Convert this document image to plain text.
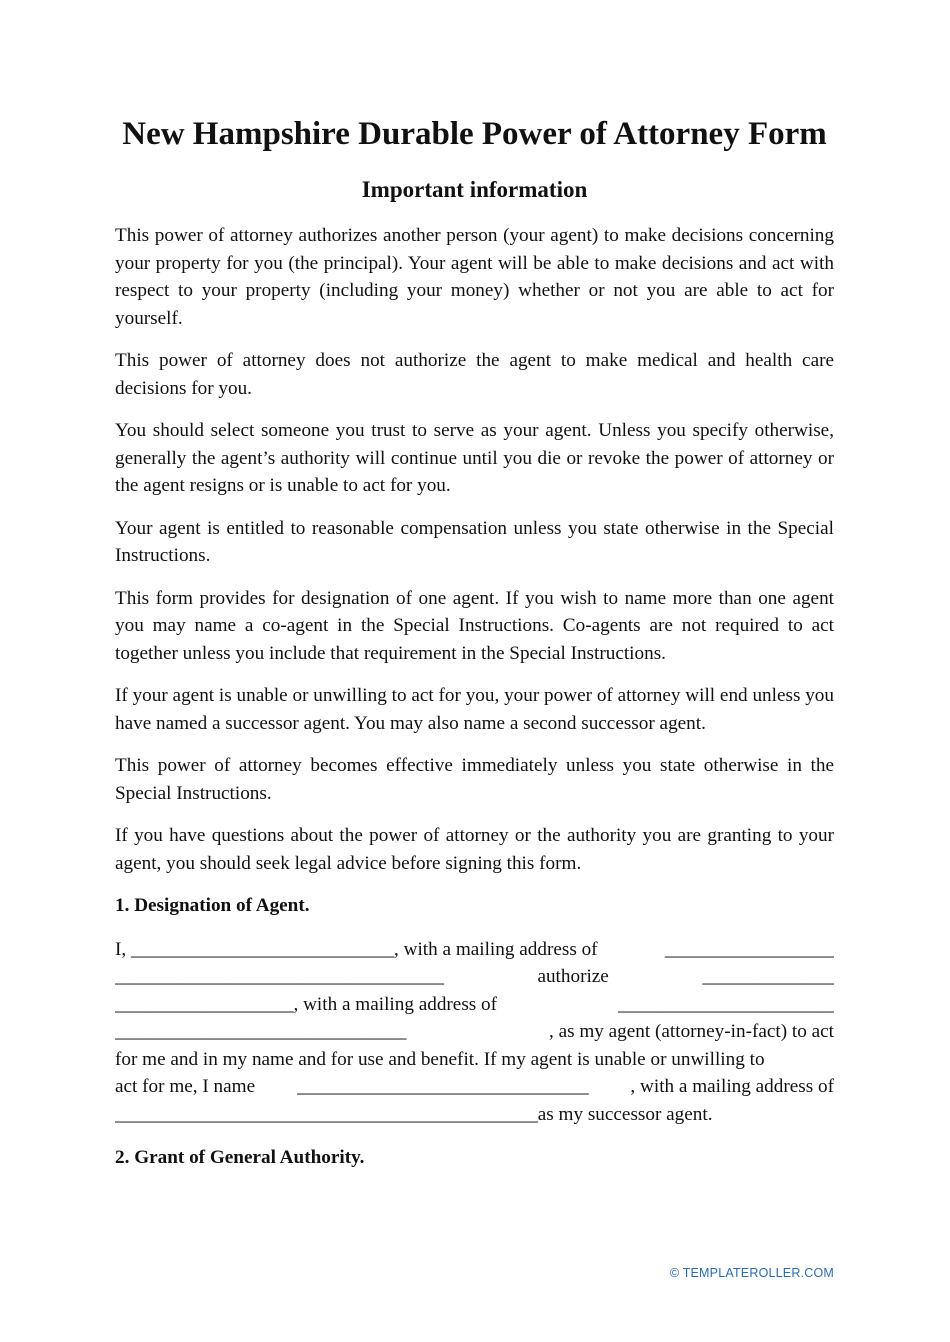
New Hampshire Durable Power of Attorney Form
Important information

This power of attorney authorizes another person (your agent) to make decisions concerning your property for you (the principal). Your agent will be able to make decisions and act with respect to your property (including your money) whether or not you are able to act for yourself.

This power of attorney does not authorize the agent to make medical and health care decisions for you.

You should select someone you trust to serve as your agent. Unless you specify otherwise, generally the agent’s authority will continue until you die or revoke the power of attorney or the agent resigns or is unable to act for you.

Your agent is entitled to reasonable compensation unless you state otherwise in the Special Instructions.

This form provides for designation of one agent. If you wish to name more than one agent you may name a co-agent in the Special Instructions. Co-agents are not required to act together unless you include that requirement in the Special Instructions.

If your agent is unable or unwilling to act for you, your power of attorney will end unless you have named a successor agent. You may also name a second successor agent.

This power of attorney becomes effective immediately unless you state otherwise in the Special Instructions.

If you have questions about the power of attorney or the authority you are granting to your agent, you should seek legal advice before signing this form.

1. Designation of Agent.

I, ____________________________, with a mailing address of	__________________
___________________________________	authorize	______________
___________________, with a mailing address of	_______________________
_______________________________	, as my agent (attorney-in-fact) to act
for me and in my name and for use and benefit. If my agent is unable or unwilling to
act for me, I name _______________________________ , with a mailing address of
_____________________________________________ as my successor agent.

2. Grant of General Authority.

© TEMPLATEROLLER.COM
